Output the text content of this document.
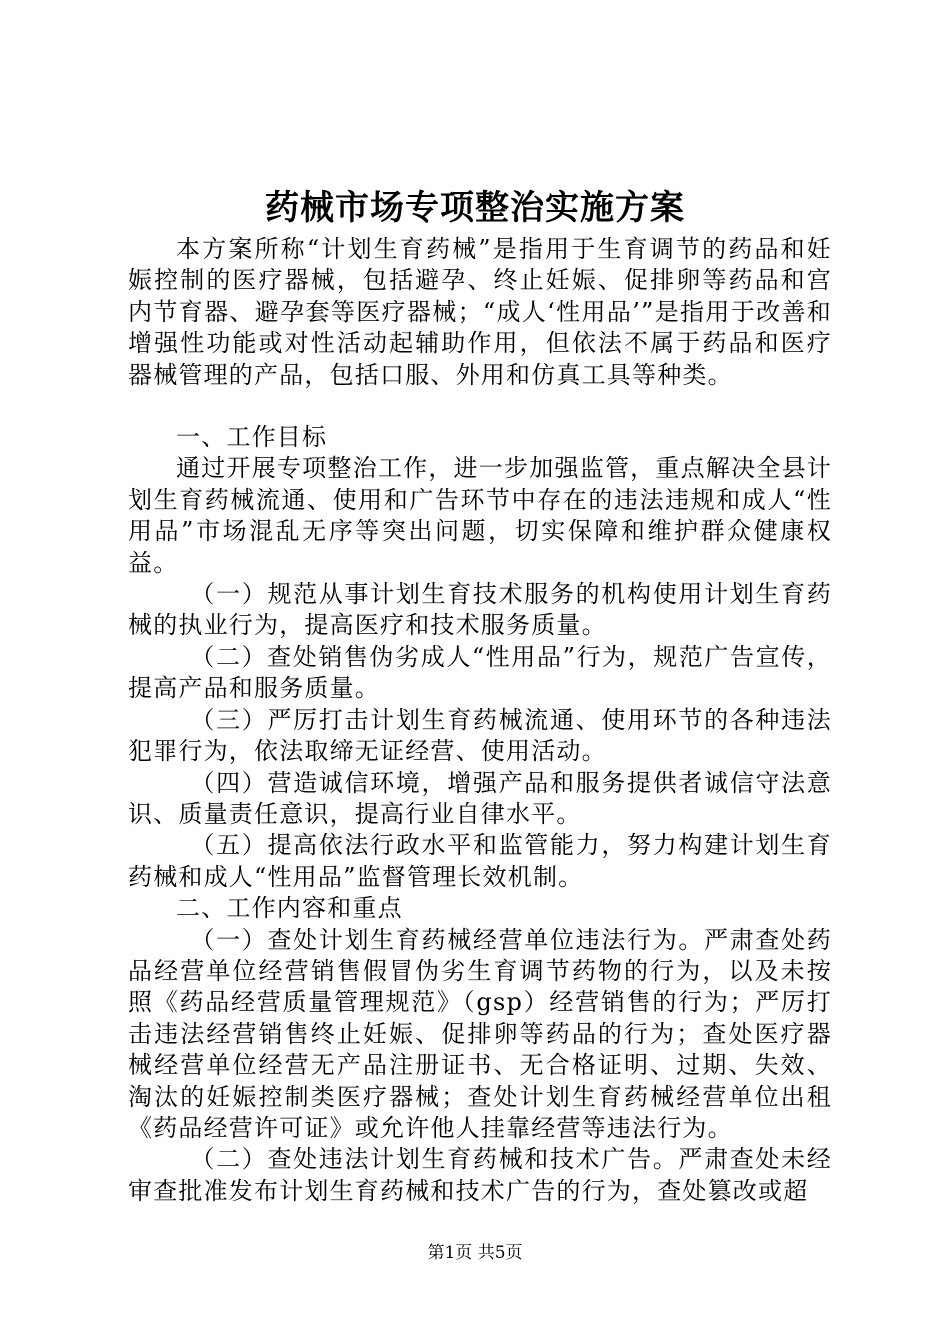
药械市场专项整治实施方案

本方案所称“计划生育药械”是指用于生育调节的药品和妊娠控制的医疗器械，包括避孕、终止妊娠、促排卵等药品和宫内节育器、避孕套等医疗器械；“成人‘性用品’”是指用于改善和增强性功能或对性活动起辅助作用，但依法不属于药品和医疗器械管理的产品，包括口服、外用和仿真工具等种类。

一、工作目标

通过开展专项整治工作，进一步加强监管，重点解决全县计划生育药械流通、使用和广告环节中存在的违法违规和成人“性用品”市场混乱无序等突出问题，切实保障和维护群众健康权益。

（一）规范从事计划生育技术服务的机构使用计划生育药械的执业行为，提高医疗和技术服务质量。

（二）查处销售伪劣成人“性用品”行为，规范广告宣传，提高产品和服务质量。

（三）严厉打击计划生育药械流通、使用环节的各种违法犯罪行为，依法取缔无证经营、使用活动。

（四）营造诚信环境，增强产品和服务提供者诚信守法意识、质量责任意识，提高行业自律水平。

（五）提高依法行政水平和监管能力，努力构建计划生育药械和成人“性用品”监督管理长效机制。

二、工作内容和重点

（一）查处计划生育药械经营单位违法行为。严肃查处药品经营单位经营销售假冒伪劣生育调节药物的行为，以及未按照《药品经营质量管理规范》（gsp）经营销售的行为；严厉打击违法经营销售终止妊娠、促排卵等药品的行为；查处医疗器械经营单位经营无产品注册证书、无合格证明、过期、失效、淘汰的妊娠控制类医疗器械；查处计划生育药械经营单位出租《药品经营许可证》或允许他人挂靠经营等违法行为。

（二）查处违法计划生育药械和技术广告。严肃查处未经审查批准发布计划生育药械和技术广告的行为，查处篡改或超

第1页 共5页
